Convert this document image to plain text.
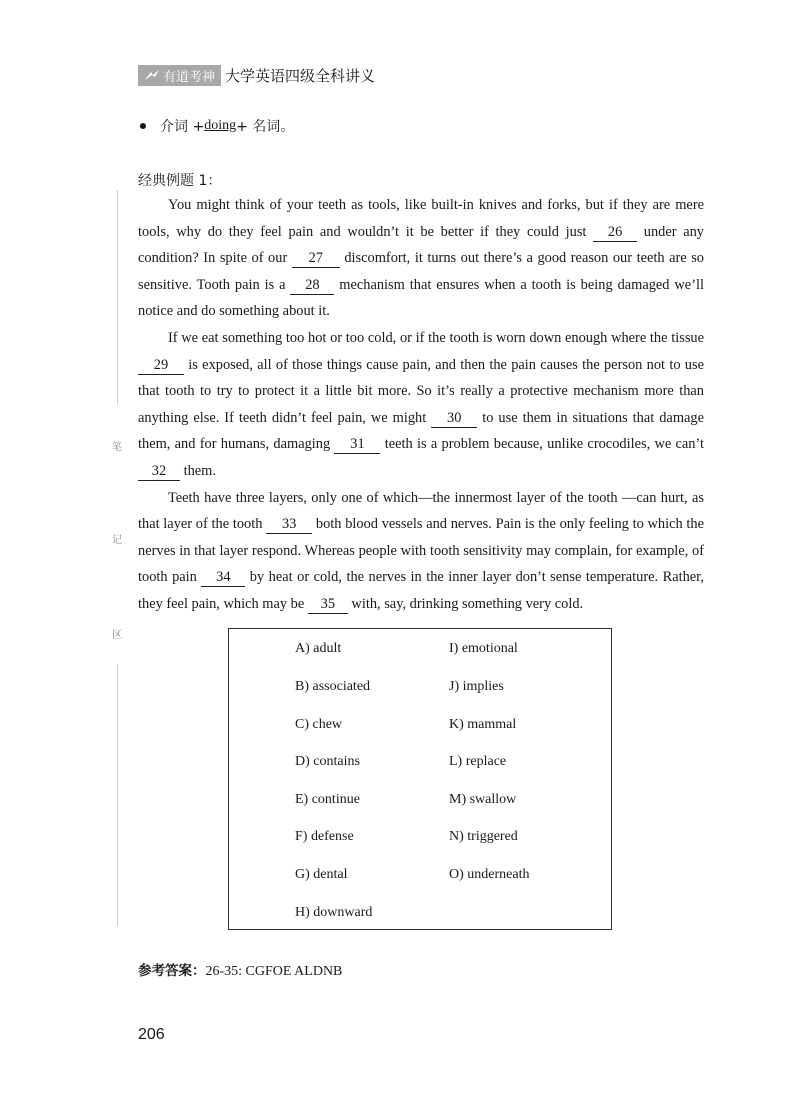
有道考神 大学英语四级全科讲义
介词 + doing + 名词。
经典例题 1：
笔
记
区

You might think of your teeth as tools, like built-in knives and forks, but if they are mere tools, why do they feel pain and wouldn’t it be better if they could just 26 under any condition? In spite of our 27 discomfort, it turns out there’s a good reason our teeth are so sensitive. Tooth pain is a 28 mechanism that ensures when a tooth is being damaged we’ll notice and do something about it.

If we eat something too hot or too cold, or if the tooth is worn down enough where the tissue 29 is exposed, all of those things cause pain, and then the pain causes the person not to use that tooth to try to protect it a little bit more. So it’s really a protective mechanism more than anything else. If teeth didn’t feel pain, we might 30 to use them in situations that damage them, and for humans, damaging 31 teeth is a problem because, unlike crocodiles, we can’t 32 them.

Teeth have three layers, only one of which—the innermost layer of the tooth —can hurt, as that layer of the tooth 33 both blood vessels and nerves. Pain is the only feeling to which the nerves in that layer respond. Whereas people with tooth sensitivity may complain, for example, of tooth pain 34 by heat or cold, the nerves in the inner layer don’t sense temperature. Rather, they feel pain, which may be 35 with, say, drinking something very cold.

A) adult
B) associated
C) chew
D) contains
E) continue
F) defense
G) dental
H) downward
I) emotional
J) implies
K) mammal
L) replace
M) swallow
N) triggered
O) underneath
参考答案：26-35: CGFOE ALDNB
206
